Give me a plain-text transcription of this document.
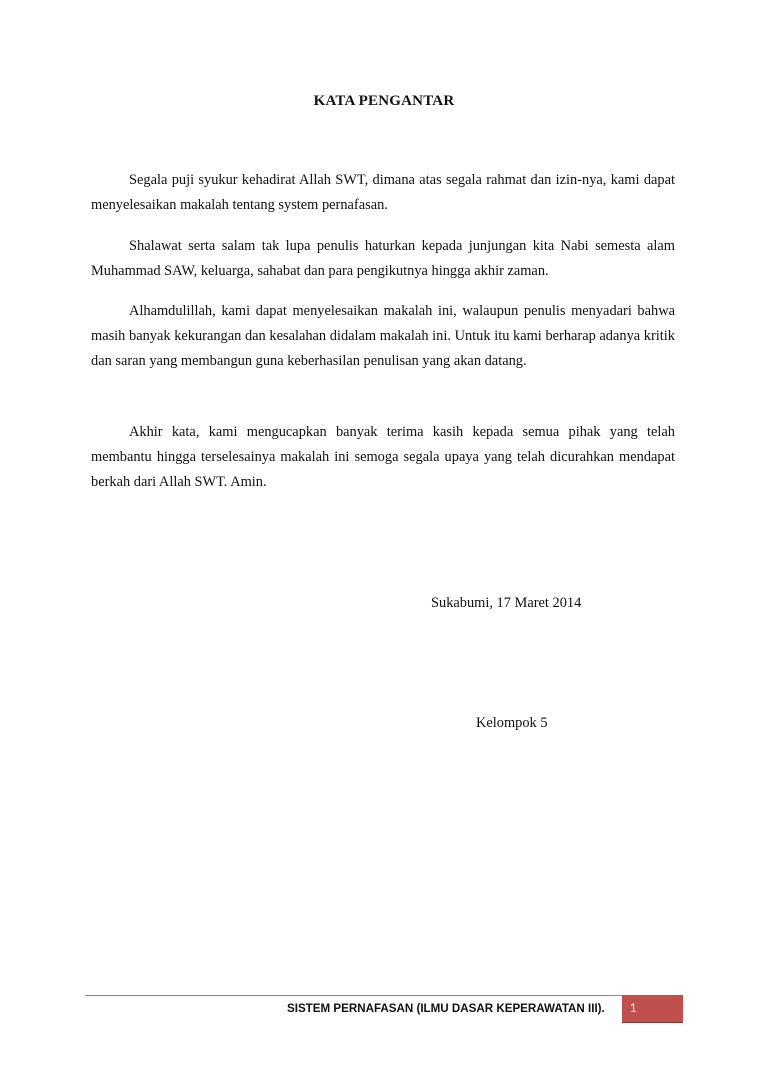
KATA PENGANTAR

Segala puji syukur kehadirat Allah SWT, dimana atas segala rahmat dan izin-nya, kami dapat menyelesaikan makalah tentang system pernafasan.

Shalawat serta salam tak lupa penulis haturkan kepada junjungan kita Nabi semesta alam Muhammad SAW, keluarga, sahabat dan para pengikutnya hingga akhir zaman.

Alhamdulillah, kami dapat menyelesaikan makalah ini, walaupun penulis menyadari bahwa masih banyak kekurangan dan kesalahan didalam makalah ini. Untuk itu kami berharap adanya kritik dan saran yang membangun guna keberhasilan penulisan yang akan datang.

Akhir kata, kami mengucapkan banyak terima kasih kepada semua pihak yang telah membantu hingga terselesainya makalah ini semoga segala upaya yang telah dicurahkan mendapat berkah dari Allah SWT. Amin.

Sukabumi, 17 Maret 2014
Kelompok 5
SISTEM PERNAFASAN (ILMU DASAR KEPERAWATAN III). 1
